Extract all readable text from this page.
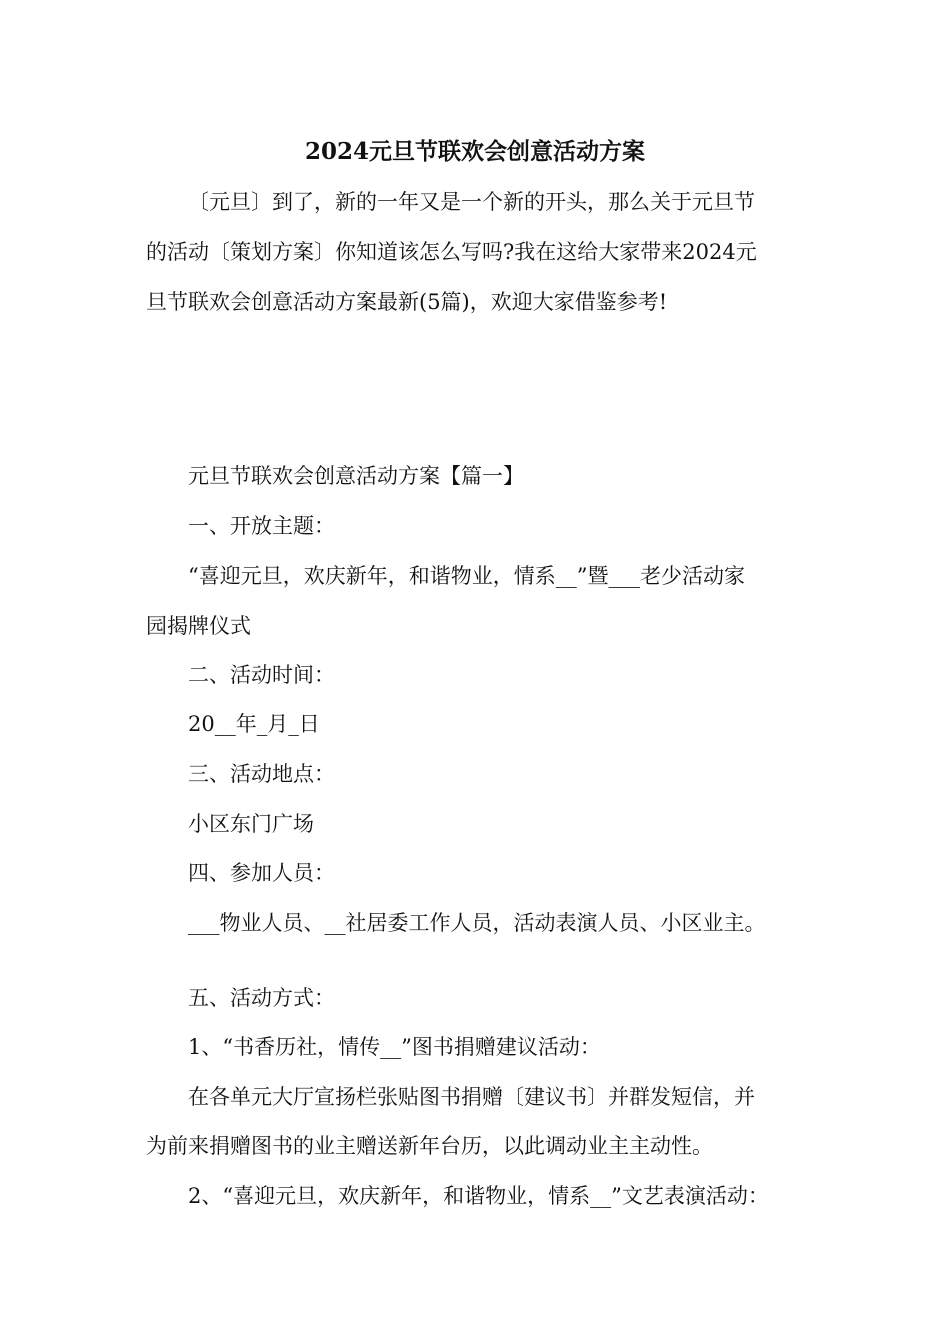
2024元旦节联欢会创意活动方案
〔元旦〕到了，新的一年又是一个新的开头，那么关于元旦节
的活动〔策划方案〕你知道该怎么写吗?我在这给大家带来2024元
旦节联欢会创意活动方案最新(5篇)，欢迎大家借鉴参考!
元旦节联欢会创意活动方案【篇一】
一、开放主题：
“喜迎元旦，欢庆新年，和谐物业，情系__”暨___老少活动家
园揭牌仪式
二、活动时间：
20__年_月_日
三、活动地点：
小区东门广场
四、参加人员：
___物业人员、__社居委工作人员，活动表演人员、小区业主。
五、活动方式：
1、“书香历社，情传__”图书捐赠建议活动：
在各单元大厅宣扬栏张贴图书捐赠〔建议书〕并群发短信，并
为前来捐赠图书的业主赠送新年台历，以此调动业主主动性。
2、“喜迎元旦，欢庆新年，和谐物业，情系__”文艺表演活动：
